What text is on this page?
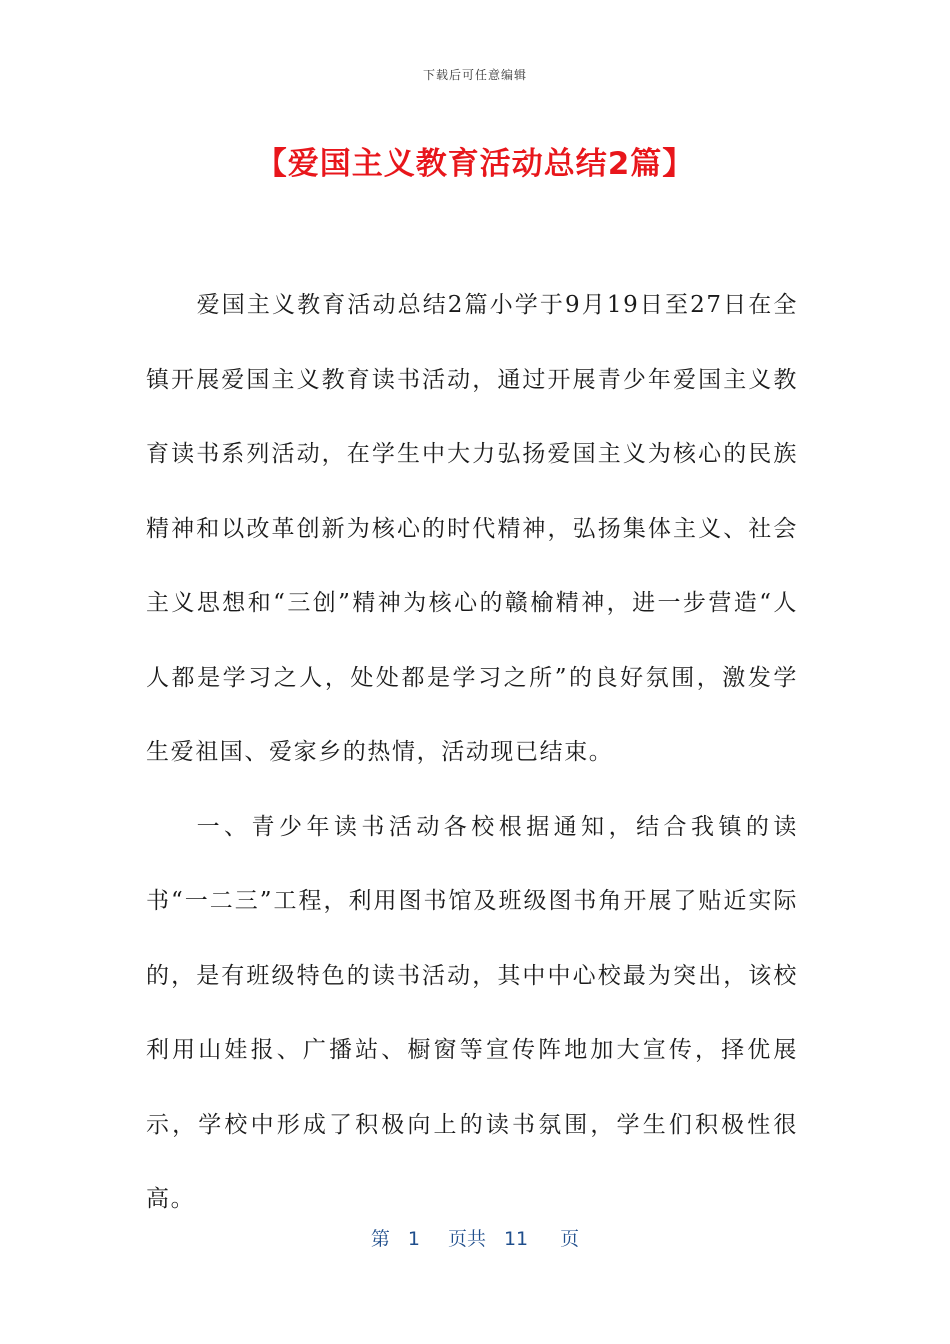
下载后可任意编辑
【爱国主义教育活动总结2篇】

爱国主义教育活动总结2篇小学于9月19日至27日在全镇开展爱国主义教育读书活动，通过开展青少年爱国主义教育读书系列活动，在学生中大力弘扬爱国主义为核心的民族精神和以改革创新为核心的时代精神，弘扬集体主义、社会主义思想和“三创”精神为核心的赣榆精神，进一步营造“人人都是学习之人，处处都是学习之所”的良好氛围，激发学生爱祖国、爱家乡的热情，活动现已结束。

一、青少年读书活动各校根据通知，结合我镇的读书“一二三”工程，利用图书馆及班级图书角开展了贴近实际的，是有班级特色的读书活动，其中中心校最为突出，该校利用山娃报、广播站、橱窗等宣传阵地加大宣传，择优展示，学校中形成了积极向上的读书氛围，学生们积极性很高。

第 1 页共 11 页
